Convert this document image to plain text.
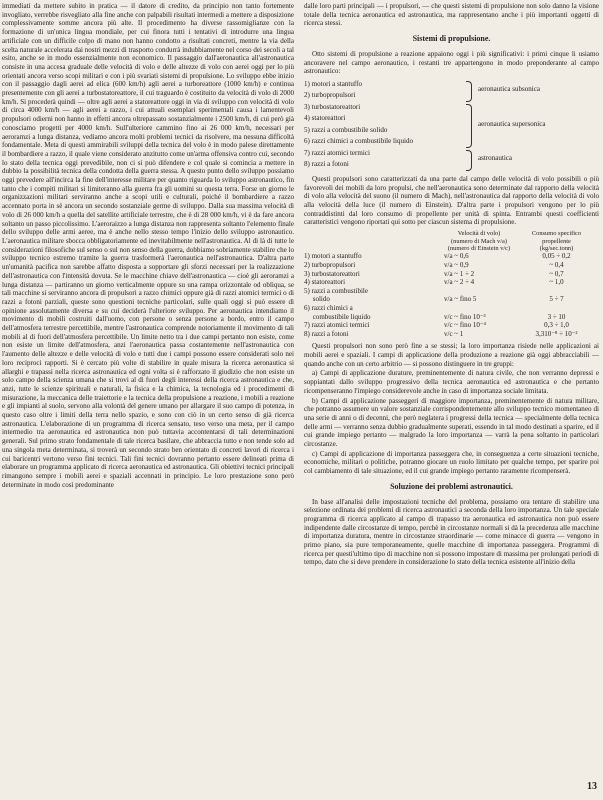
immediati da mettere subito in pratica — il datore di credito, da principio non tanto fortemente invogliato, verrebbe risvegliato alla fine anche con palpabili risultati intermedi a mettere a disposizione complessivamente somme ancora più alte. Il procedimento ha diverse rassomiglianze con la formazione di un'unica lingua mondiale, per cui finora tutti i tentativi di introdurre una lingua artificiale con un difficile colpo di mano non hanno condotto a risultati concreti, mentre la via della scelta naturale accelerata dai nostri mezzi di trasporto condurrà indubbiamente nel corso dei secoli a tal esito, anche se in modo essenzialmente non economico. Il passaggio dall'aeronautica all'astronautica consiste in una accesa graduale delle velocità di volo e delle altezze di volo con aerei oggi per lo più orientati ancora verso scopi militari e con i più svariati sistemi di propulsione. Lo sviluppo ebbe inizio con il passaggio dagli aerei ad elica (600 km/h) agli aerei a turboreattore (1000 km/h) e continua presentemente con gli aerei a turbostatoreattore, il cui traguardo è costituito da velocità di volo di 2000 km/h. Si procederà quindi — oltre agli aerei a statoreattore oggi in via di sviluppo con velocità di volo di circa 4000 km/h — agli aerei a razzo, i cui attuali esemplari sperimentali causa i lamentevoli propulsori odierni non hanno in effetti ancora oltrepassato sostanzialmente i 2500 km/h, di cui però già conosciamo progetti per 4000 km/h. Sull'ulteriore cammino fino ai 26 000 km/h, necessari per aeroramzi a lunga distanza, vediamo ancora molti problemi tecnici da risolvere, ma nessuna difficoltà fondamentale. Meta di questi ammirabili sviluppi della tecnica del volo è in modo palese direttamente il bombardiere a razzo, il quale viene considerato anzitutto come un'arma offensiva contro cui, secondo lo stato della tecnica oggi prevedibile, non ci si può difendere e col quale si comincia a mettere in dubbio la possibilità tecnica della condotta della guerra stessa. A questo punto dello sviluppo possiamo oggi prevedere all'incirca la fine dell'interesse militare per quanto riguarda lo sviluppo astronautico, fin tanto che i compiti militari si limiteranno alla guerra fra gli uomini su questa terra. Forse un giorno le organizzazioni militari serviranno anche a scopi utili e culturali, poiché il bombardiere a razzo accennato porta in sè ancora un secondo sostanziale germe di sviluppo. Dalla sua massima velocità di volo di 26 000 km/h a quella del satellite artificiale terrestre, che è di 28 000 km/h, vi è da fare ancora soltanto un passo piccolissimo. L'aeroraizzo a lunga distanza non rappresenta soltanto l'elemento finale dello sviluppo delle armi aeree, ma è anche nello stesso tempo l'inizio dello sviluppo astronautico. L'aeronautica militare sbocca obbligatoriamente ed inevitabilmente nell'astronautica. Al di là di tutte le considerazioni filosofiche sul senso o sul non senso della guerra, dobbiamo sobriamente stabilire che lo sviluppo tecnico estremo tramite la guerra trasformerà l'aeronautica nell'astronautica. D'altra parte un'umanità pacifica non sarebbe affatto disposta a sopportare gli sforzi necessari per la realizzazione dell'astronautica con l'intensità dovuta. Se le macchine chiave dell'astronautica — cioè gli aeroramzi a lunga distanza — partiranno un giorno verticalmente oppure su una rampa orizzontale od obliqua, se tali macchine si serviranno ancora di propulsori a razzo chimici oppure già di razzi atomici termici o di razzi a fotoni parziali, queste sono questioni tecniche particolari, sulle quali oggi si può essere di opinione assolutamente diversa e su cui deciderà l'ulteriore sviluppo. Per aeronautica intendiamo il movimento di mobili costruiti dall'uomo, con persone o senza persone a bordo, entro il campo dell'atmosfera terrestre percettibile, mentre l'astronautica comprende notoriamente il movimento di tali mobili al di fuori dell'atmosfera percettibile. Un limite netto tra i due campi pertanto non esiste, come non esiste un limite dell'atmosfera, anzi l'aeronautica passa costantemente nell'astronautica con l'aumento delle altezze e delle velocità di volo e tutti due i campi possono essere considerati solo nei loro reciproci rapporti. Si è cercato più volte di stabilire in quale misura la ricerca aeronautica si allarghi e trapassi nella ricerca astronautica ed ogni volta si è rafforzato il giudizio che non esiste un solo campo della scienza umana che si trovi al di fuori degli interessi della ricerca astronautica e che, anzi, tutte le scienze spirituali e naturali, la fisica e la chimica, la tecnologia ed i procedimenti di misurazione, la meccanica delle traiettorie e la tecnica della propulsione a reazione, i mobili a reazione e gli impianti al suolo, servono alla volontà del genere umano per allargare il suo campo di potenza, in questo caso oltre i limiti della terra nello spazio, e sono con ciò in un certo senso di già ricerca astronautica. L'elaborazione di un programma di ricerca sensato, teso verso una meta, per il campo intermedio tra aeronautica ed astronautica non può tuttavia accontentarsi di tali determinazioni generali. Sul primo strato fondamentale di tale ricerca basilare, che abbraccia tutto e non tende solo ad una singola meta determinata, si troverà un secondo strato ben orientato di concreti lavori di ricerca i cui baricentri vertono verso fini tecnici. Tali fini tecnici dovranno pertanto essere delineati prima di elaborare un programma applicato di ricerca aeronautica ed astronautica. Gli obiettivi tecnici principali rimangono sempre i mobili aerei e spaziali accennati in principio. Le loro prestazione sono però determinate in modo così predominante

dalle loro parti principali — i propulsori, — che questi sistemi di propulsione non solo danno la visione totale della tecnica aeronautica ed astronautica, ma rappresentano anche i più importanti oggetti di ricerca stessi.

Sistemi di propulsione.

Otto sistemi di propulsione a reazione appaiono oggi i più significativi: i primi cinque li usiamo ancoravere nel campo aeronautico, i restanti tre appartengono in modo preponderante al campo astronautico:

1) motori a stantuffo
2) turbopropulsori
3) turbostatoreattori
4) statoreattori
5) razzi a combustibile solido
6) razzi chimici a combustibile liquido
7) razzi atomici termici
8) razzi a fotoni
aeronautica subsonica
aeronautica supersonica
astronautica

Questi propulsori sono caratterizzati da una parte dal campo delle velocità di volo possibili o più favorevoli dei mobili da loro propulsi, che nell'aeronautica sono determinate dal rapporto della velocità di volo alla velocità del suono (il numero di Mach), nell'astronautica dal rapporto della velocità di volo alla velocità della luce (il numero di Einstein). D'altra parte i propulsori vengono per lo più contraddistinti dal loro consumo di propellente per unità di spinta. Entrambi questi coefficienti caratteristici vengono riportati qui sotto per ciascun sistema di propulsione.

	Velocità di volo)
(numero di Mach v/a)
(numero di Einstein v/c)	Consumo specifico
propellente
(kg/sec.tonn)
1) motori a stantuffo	v/a ~ 0,6	0,05 ÷ 0,2
2) turbopropulsori	v/a ~ 0,9	~ 0,4
3) turbostatoreattori	v/a ~ 1 ÷ 2	~ 0,7
4) statoreattori	v/a ~ 2 ÷ 4	~ 1,0
5) razzi a combustibile
solido	v/a ~ fino 5	5 ÷ 7
6) razzi chimici a
combustibile liquido	v/c ~ fino 10⁻³	3 ÷ 10
7) razzi atomici termici	v/c ~ fino 10⁻⁴	0,3 ÷ 1,0
8) razzi a fotoni	v/c ~ 1	3,310⁻⁸ ÷ 10⁻²

Questi propulsori non sono però fine a se stessi; la loro importanza risiede nelle applicazioni ai mobili aerei e spaziali. I campi di applicazione della produzione a reazione già oggi abbracciabili — quando anche con un certo arbitrio — si possono distinguere in tre gruppi:

a) Campi di applicazione durature, preminentemente di natura civile, che non verranno depressi e soppiantati dallo sviluppo progressivo della tecnica aeronautica ed astronautica e che pertanto ricompenseranno l'impiego considerevole anche in caso di importanza sociale limitata.

b) Campi di applicazione passeggeri di maggiore importanza, preminentemente di natura militare, che potranno assumere un valore sostanziale corrispondentemente allo sviluppo tecnico momentaneo di una serie di anni o di decenni, che però neglatera i progressi della tecnica — specialmente della tecnica delle armi — verranno senza dubbio gradualmente superati, essendo in tal modo destinati a sparire, ed il cui grande impiego pertanto — malgrado la loro importanza — varrà la pena soltanto in particolari circostanze.

c) Campi di applicazione di importanza passeggera che, in conseguenza a certe situazioni tecniche, economiche, militari o politiche, potranno giocare un ruolo limitato per qualche tempo, per sparire poi col cambiamento di tale situazione, ed il cui grande impiego pertanto raramente ricompenserà.

Soluzione dei problemi astronautici.

In base all'analisi delle impostazioni tecniche del problema, possiamo ora tentare di stabilire una selezione ordinata dei problemi di ricerca astronautici a seconda della loro importanza. Un tale speciale programma di ricerca applicato al campo di trapasso tra aeronautica ed astronautica non può essere indipendente dalle circostanze di tempo, perchè in circostanze normali si dà la precedenza alle macchine di importanza duratura, mentre in circostanze straordinarie — come minacce di guerra — vengono in primo piano, sia pure temporaneamente, quelle macchine di importanza passeggera. Programmi di ricerca per questi'ultimo tipo di macchine non si possono impostare di massima per prolungati periodi di tempo, dato che si deve prendere in considerazione lo stato della tecnica esistente all'inizio della

13
